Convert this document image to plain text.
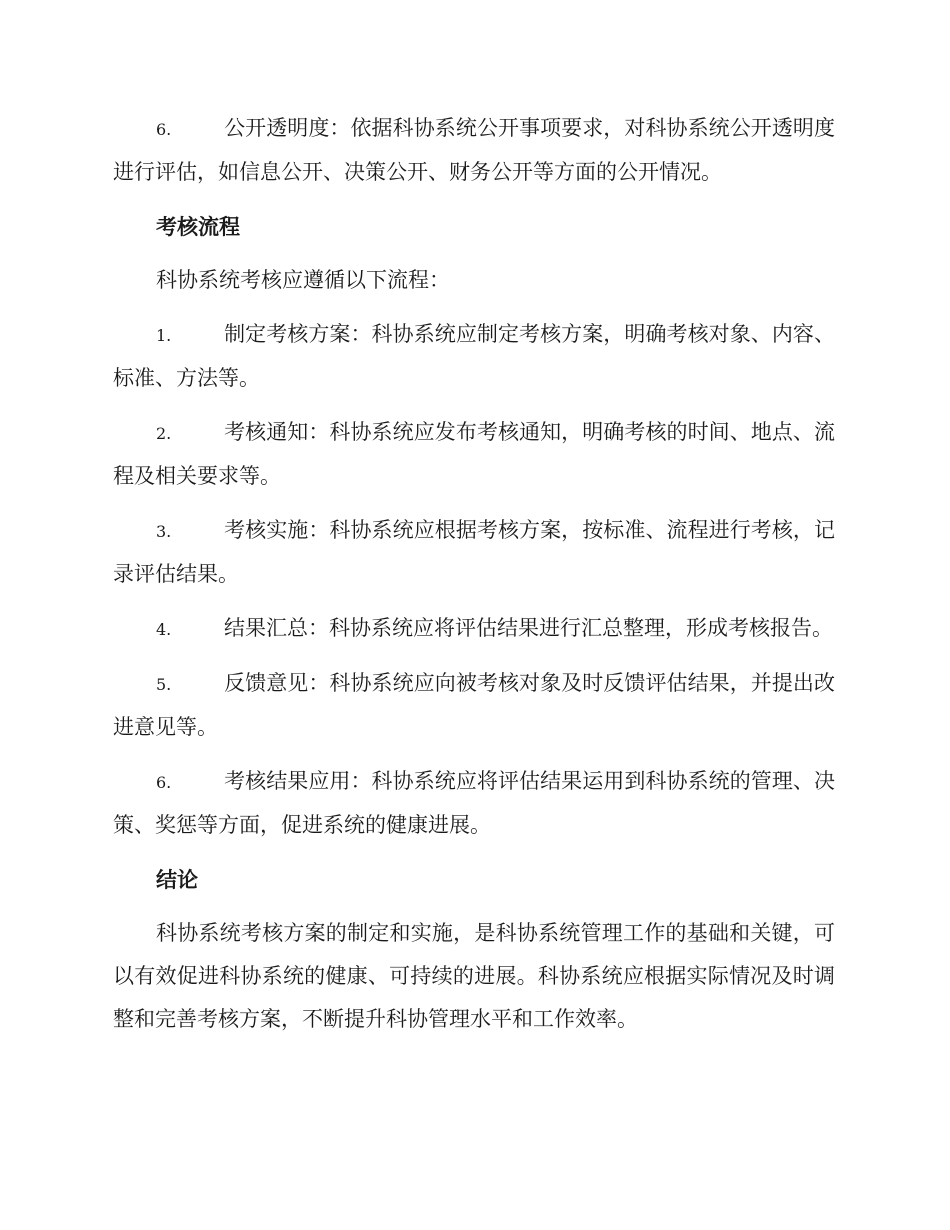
6.	公开透明度：依据科协系统公开事项要求，对科协系统公开透明度进行评估，如信息公开、决策公开、财务公开等方面的公开情况。

考核流程

科协系统考核应遵循以下流程：

1.	制定考核方案：科协系统应制定考核方案，明确考核对象、内容、标准、方法等。

2.	考核通知：科协系统应发布考核通知，明确考核的时间、地点、流程及相关要求等。

3.	考核实施：科协系统应根据考核方案，按标准、流程进行考核，记录评估结果。

4.	结果汇总：科协系统应将评估结果进行汇总整理，形成考核报告。

5.	反馈意见：科协系统应向被考核对象及时反馈评估结果，并提出改进意见等。

6.	考核结果应用：科协系统应将评估结果运用到科协系统的管理、决策、奖惩等方面，促进系统的健康进展。

结论

科协系统考核方案的制定和实施，是科协系统管理工作的基础和关键，可以有效促进科协系统的健康、可持续的进展。科协系统应根据实际情况及时调整和完善考核方案，不断提升科协管理水平和工作效率。
